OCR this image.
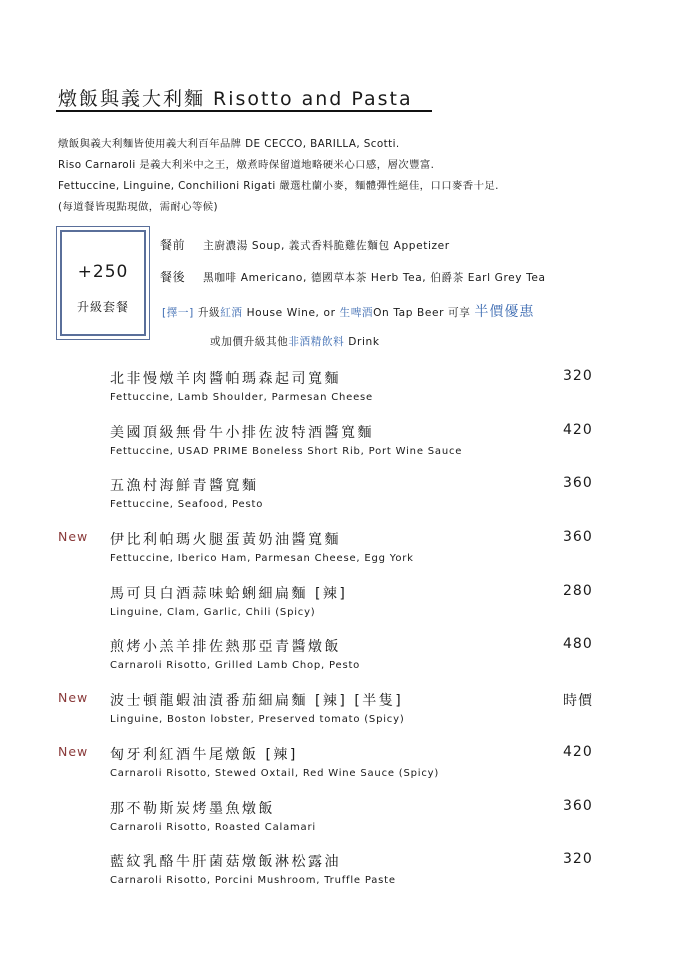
燉飯與義大利麵 Risotto and Pasta
燉飯與義大利麵皆使用義大利百年品牌 DE CECCO, BARILLA, Scotti.
Riso Carnaroli 是義大利米中之王，燉煮時保留道地略硬米心口感，層次豐富.
Fettuccine, Linguine, Conchilioni Rigati 嚴選杜蘭小麥，麵體彈性絕佳，口口麥香十足.
(每道餐皆現點現做，需耐心等候)
+250
升級套餐
餐前 主廚濃湯 Soup, 義式香料脆雞佐麵包 Appetizer
餐後 黑咖啡 Americano, 德國草本茶 Herb Tea, 伯爵茶 Earl Grey Tea
[擇一] 升級紅酒 House Wine, or 生啤酒On Tap Beer 可享 半價優惠
或加價升級其他非酒精飲料 Drink
北非慢燉羊肉醬帕瑪森起司寬麵
Fettuccine, Lamb Shoulder, Parmesan Cheese
320
美國頂級無骨牛小排佐波特酒醬寬麵
Fettuccine, USAD PRIME Boneless Short Rib, Port Wine Sauce
420
五漁村海鮮青醬寬麵
Fettuccine, Seafood, Pesto
360
New 伊比利帕瑪火腿蛋黃奶油醬寬麵
Fettuccine, Iberico Ham, Parmesan Cheese, Egg York
360
馬可貝白酒蒜味蛤蜊細扁麵 [辣]
Linguine, Clam, Garlic, Chili (Spicy)
280
煎烤小羔羊排佐熱那亞青醬燉飯
Carnaroli Risotto, Grilled Lamb Chop, Pesto
480
New 波士頓龍蝦油漬番茄細扁麵 [辣] [半隻]
Linguine, Boston lobster, Preserved tomato (Spicy)
時價
New 匈牙利紅酒牛尾燉飯 [辣]
Carnaroli Risotto, Stewed Oxtail, Red Wine Sauce (Spicy)
420
那不勒斯炭烤墨魚燉飯
Carnaroli Risotto, Roasted Calamari
360
藍紋乳酪牛肝菌菇燉飯淋松露油
Carnaroli Risotto, Porcini Mushroom, Truffle Paste
320
